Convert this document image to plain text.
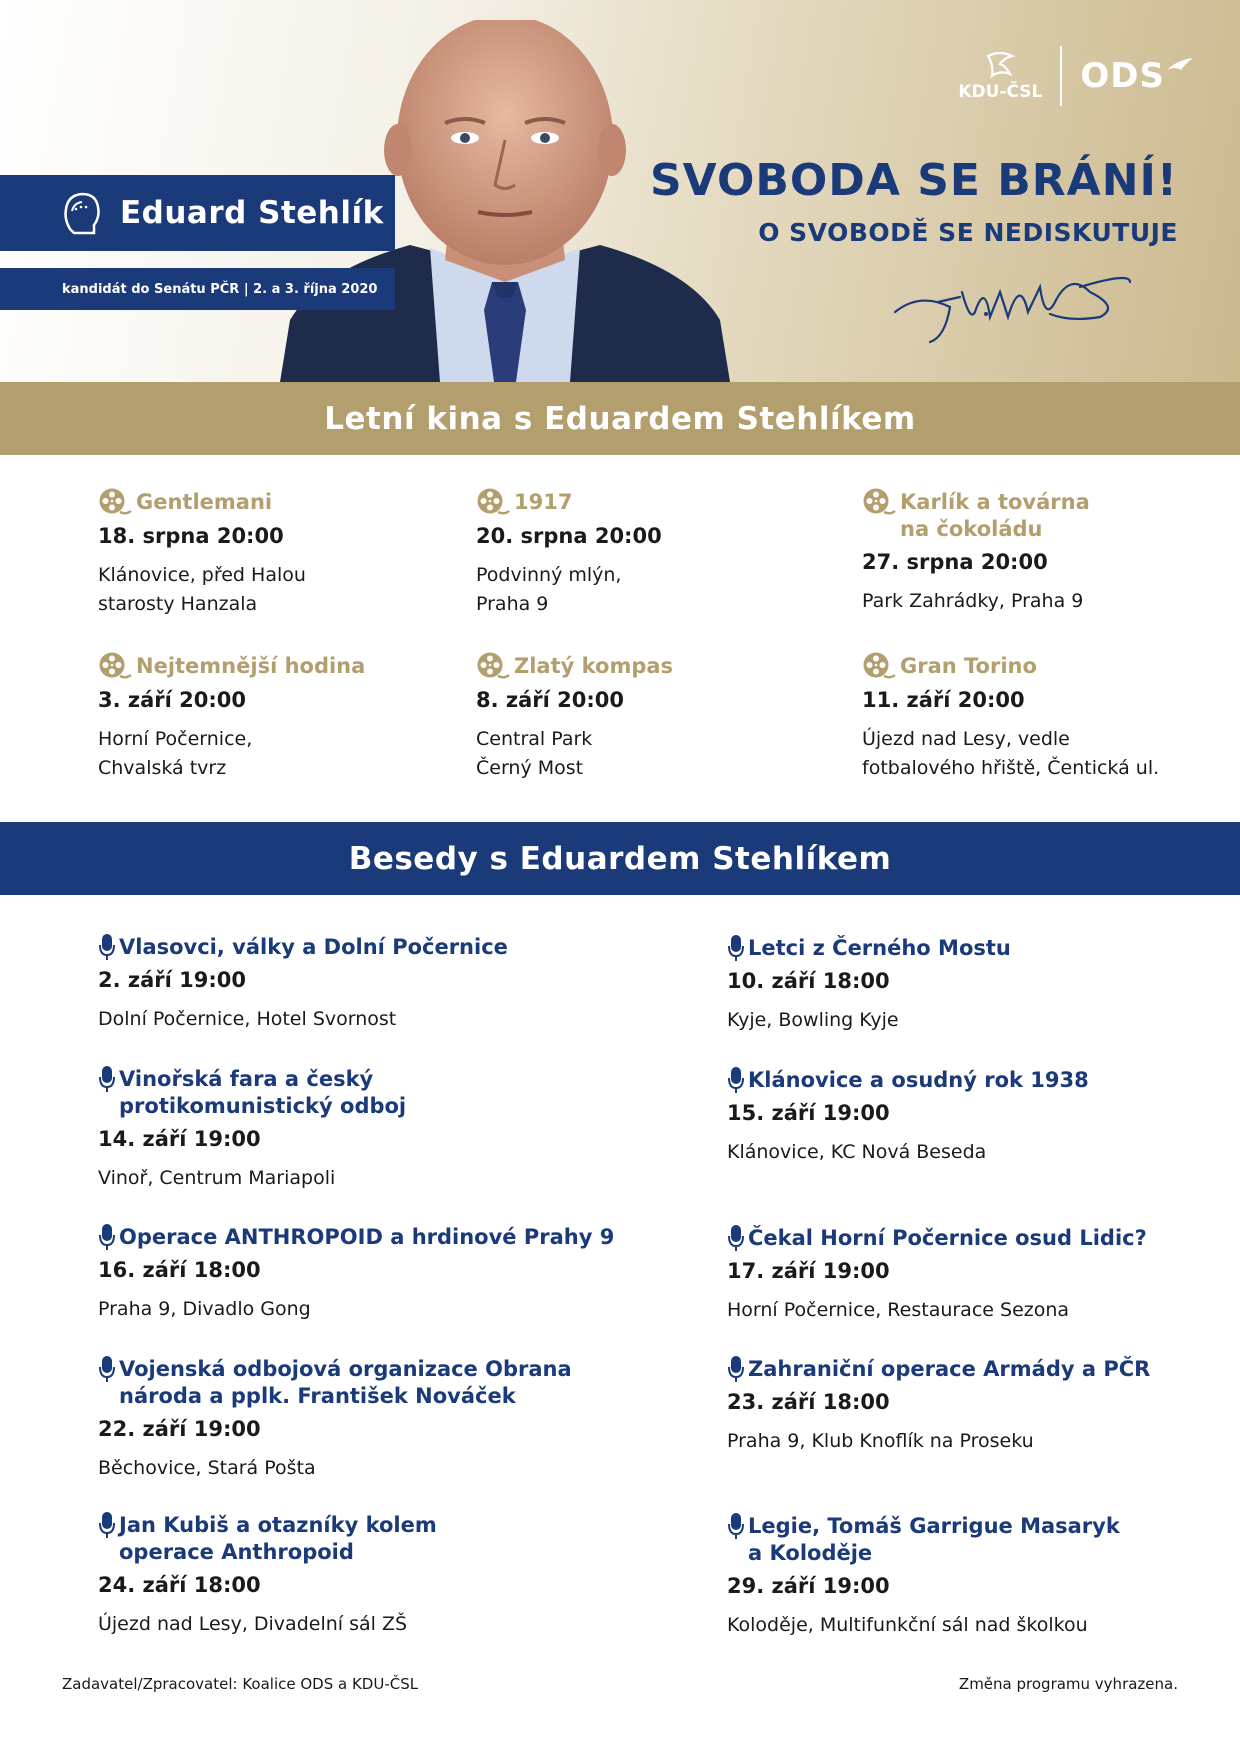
Eduard Stehlík
kandidát do Senátu PČR | 2. a 3. října 2020
KDU-ČSL ODS
SVOBODA SE BRÁNÍ!
O SVOBODĚ SE NEDISKUTUJE
Letní kina s Eduardem Stehlíkem
Gentlemani
18. srpna 20:00
Klánovice, před Halou
starosty Hanzala
1917
20. srpna 20:00
Podvinný mlýn,
Praha 9
Karlík a továrna
na čokoládu
27. srpna 20:00
Park Zahrádky, Praha 9
Nejtemnější hodina
3. září 20:00
Horní Počernice,
Chvalská tvrz
Zlatý kompas
8. září 20:00
Central Park
Černý Most
Gran Torino
11. září 20:00
Újezd nad Lesy, vedle
fotbalového hřiště, Čentická ul.
Besedy s Eduardem Stehlíkem
Vlasovci, války a Dolní Počernice
2. září 19:00
Dolní Počernice, Hotel Svornost
Letci z Černého Mostu
10. září 18:00
Kyje, Bowling Kyje
Vinořská fara a český
protikomunistický odboj
14. září 19:00
Vinoř, Centrum Mariapoli
Klánovice a osudný rok 1938
15. září 19:00
Klánovice, KC Nová Beseda
Operace ANTHROPOID a hrdinové Prahy 9
16. září 18:00
Praha 9, Divadlo Gong
Čekal Horní Počernice osud Lidic?
17. září 19:00
Horní Počernice, Restaurace Sezona
Vojenská odbojová organizace Obrana
národa a pplk. František Nováček
22. září 19:00
Běchovice, Stará Pošta
Zahraniční operace Armády a PČR
23. září 18:00
Praha 9, Klub Knoflík na Proseku
Jan Kubiš a otazníky kolem
operace Anthropoid
24. září 18:00
Újezd nad Lesy, Divadelní sál ZŠ
Legie, Tomáš Garrigue Masaryk
a Koloděje
29. září 19:00
Koloděje, Multifunkční sál nad školkou
Zadavatel/Zpracovatel: Koalice ODS a KDU-ČSL	Změna programu vyhrazena.
